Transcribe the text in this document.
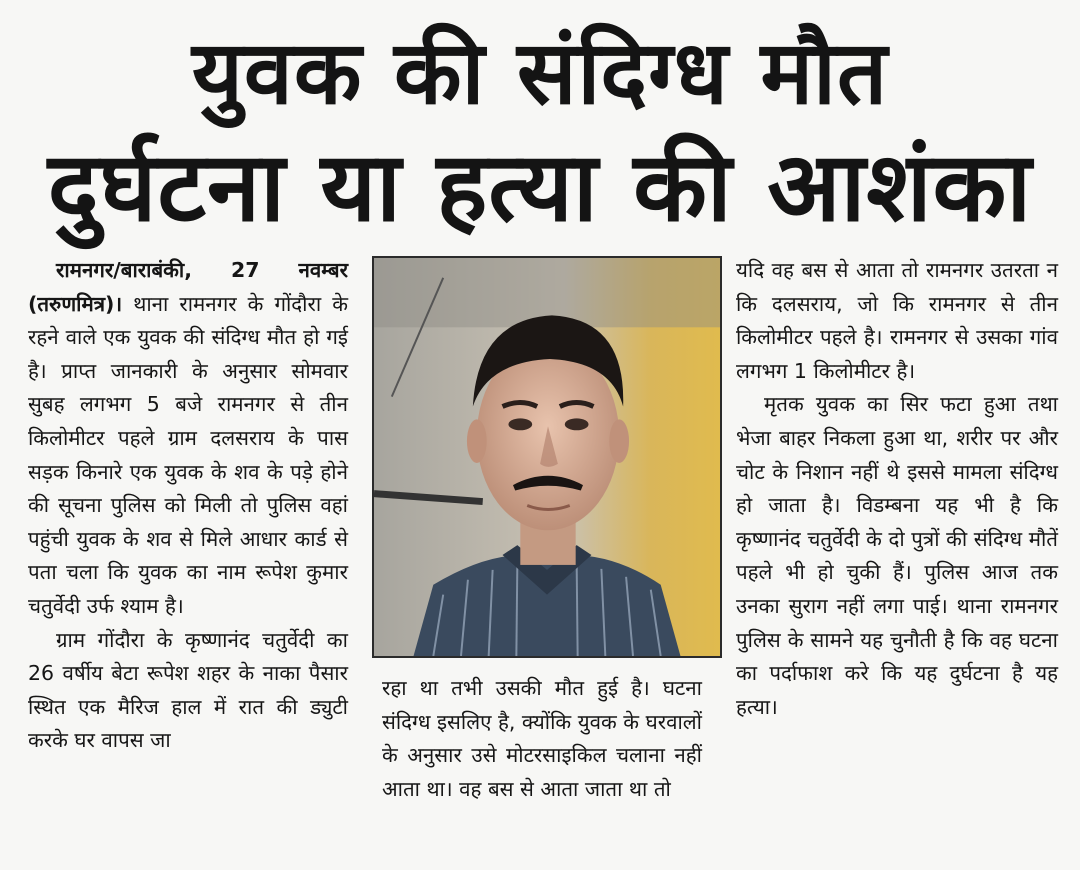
युवक की संदिग्ध मौत
दुर्घटना या हत्या की आशंका

रामनगर/बाराबंकी, 27 नवम्बर (तरुणमित्र)। थाना रामनगर के गोंदौरा के रहने वाले एक युवक की संदिग्ध मौत हो गई है। प्राप्त जानकारी के अनुसार सोमवार सुबह लगभग 5 बजे रामनगर से तीन किलोमीटर पहले ग्राम दलसराय के पास सड़क किनारे एक युवक के शव के पड़े होने की सूचना पुलिस को मिली तो पुलिस वहां पहुंची युवक के शव से मिले आधार कार्ड से पता चला कि युवक का नाम रूपेश कुमार चतुर्वेदी उर्फ श्याम है।

ग्राम गोंदौरा के कृष्णानंद चतुर्वेदी का 26 वर्षीय बेटा रूपेश शहर के नाका पैसार स्थित एक मैरिज हाल में रात की ड्युटी करके घर वापस जा

रहा था तभी उसकी मौत हुई है। घटना संदिग्ध इसलिए है, क्योंकि युवक के घरवालों के अनुसार उसे मोटरसाइकिल चलाना नहीं आता था। वह बस से आता जाता था तो

यदि वह बस से आता तो रामनगर उतरता न कि दलसराय, जो कि रामनगर से तीन किलोमीटर पहले है। रामनगर से उसका गांव लगभग 1 किलोमीटर है।

मृतक युवक का सिर फटा हुआ तथा भेजा बाहर निकला हुआ था, शरीर पर और चोट के निशान नहीं थे इससे मामला संदिग्ध हो जाता है। विडम्बना यह भी है कि कृष्णानंद चतुर्वेदी के दो पुत्रों की संदिग्ध मौतें पहले भी हो चुकी हैं। पुलिस आज तक उनका सुराग नहीं लगा पाई। थाना रामनगर पुलिस के सामने यह चुनौती है कि वह घटना का पर्दाफाश करे कि यह दुर्घटना है यह हत्या।
